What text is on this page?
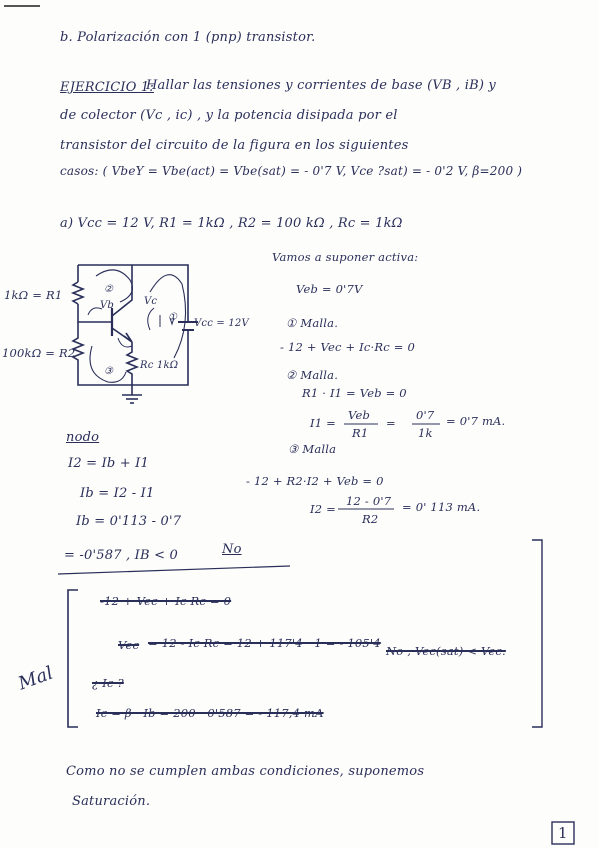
b. Polarización con 1 (pnp) transistor.
EJERCICIO 1:
Hallar las tensiones y corrientes de base (VB , iB) y
de colector (Vc , ic) , y la potencia disipada por el
transistor del circuito de la figura en los siguientes
casos: ( VbeY = Vbe(act) = Vbe(sat) = - 0'7 V, Vce ?sat) = - 0'2 V, β=200 )
a) Vcc = 12 V, R1 = 1kΩ , R2 = 100 kΩ , Rc = 1kΩ
1kΩ = R1
100kΩ = R2
Rc 1kΩ
Vcc = 12V
①
②
③
Vc
Vb
Vamos a suponer activa:
Veb = 0'7V
① Malla.
- 12 + Vec + Ic·Rc = 0
② Malla.
R1 · I1 = Veb = 0
I1 =
Veb
R1
=
0'7
1k
= 0'7 mA.
③ Malla
- 12 + R2·I2 + Veb = 0
I2 =
12 - 0'7
R2
= 0' 113 mA.
nodo
I2 = Ib + I1
Ib = I2 - I1
Ib = 0'113 - 0'7
= -0'587 , IB < 0	No
-12 + Vec + Ic·Rc = 0
Vec = 12 - Ic·Rc = 12 + 117'4 · 1 = - 105'4
No , Vec(sat) < Vec.
¿ Ic ?
Ic = β · Ib = 200 · 0'587 = - 117,4 mA
Mal
Como no se cumplen ambas condiciones, suponemos
Saturación.
1
